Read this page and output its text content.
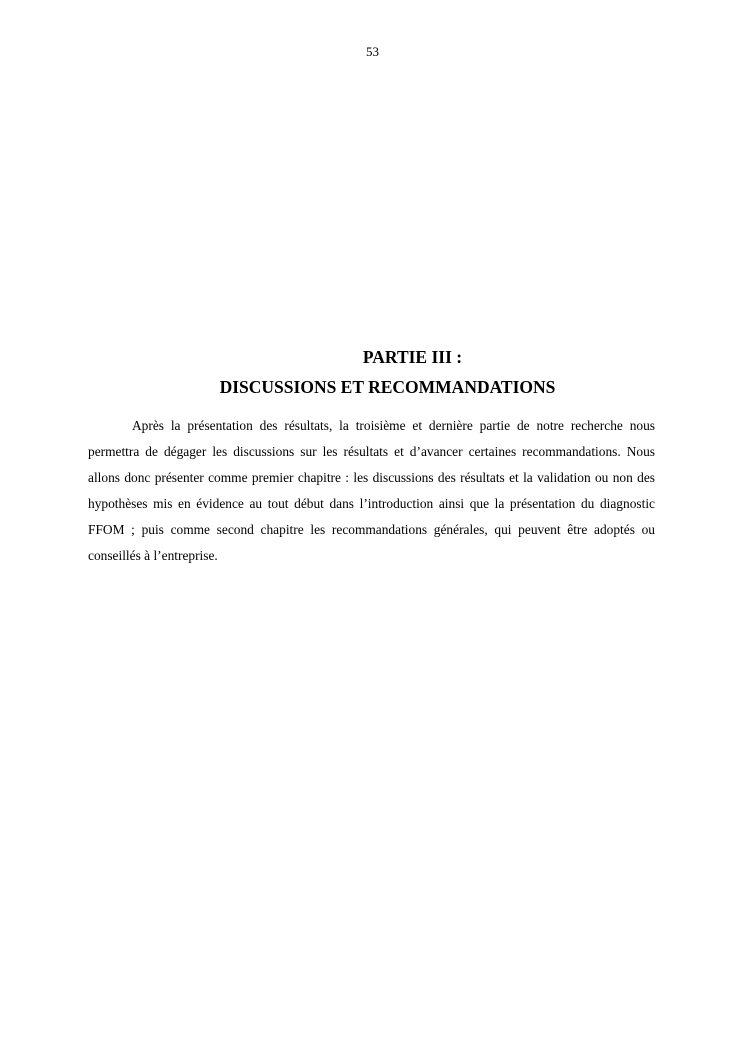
53
PARTIE III :
DISCUSSIONS ET RECOMMANDATIONS

Après la présentation des résultats, la troisième et dernière partie de notre recherche nous permettra de dégager les discussions sur les résultats et d’avancer certaines recommandations. Nous allons donc présenter comme premier chapitre : les discussions des résultats et la validation ou non des hypothèses mis en évidence au tout début dans l’introduction ainsi que la présentation du diagnostic FFOM ; puis comme second chapitre les recommandations générales, qui peuvent être adoptés ou conseillés à l’entreprise.
